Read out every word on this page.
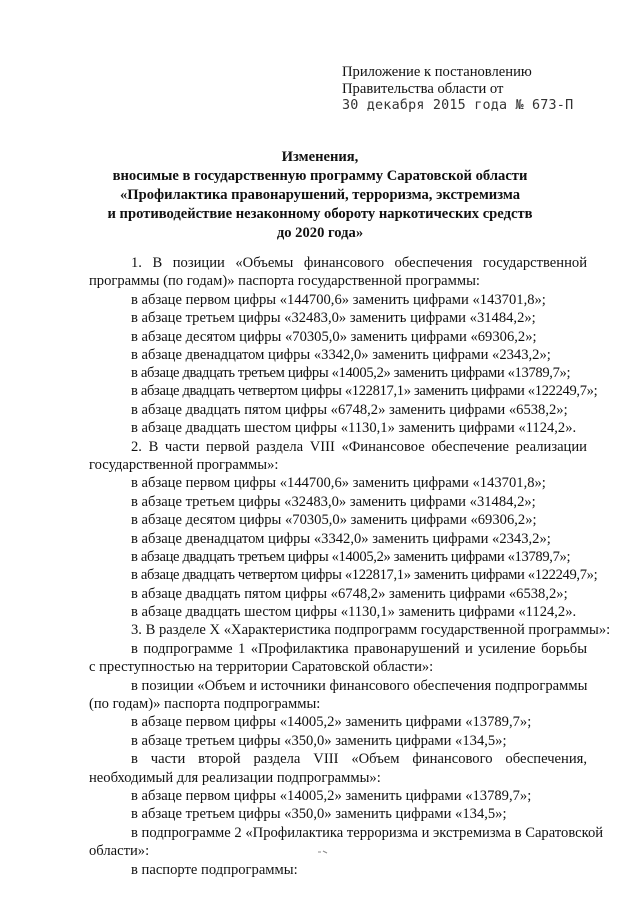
Приложение к постановлению
Правительства области от
30 декабря 2015 года № 673-П
Изменения,
вносимые в государственную программу Саратовской области
«Профилактика правонарушений, терроризма, экстремизма
и противодействие незаконному обороту наркотических средств
до 2020 года»
1. В позиции «Объемы финансового обеспечения государственной
программы (по годам)» паспорта государственной программы:
в абзаце первом цифры «144700,6» заменить цифрами «143701,8»;
в абзаце третьем цифры «32483,0» заменить цифрами «31484,2»;
в абзаце десятом цифры «70305,0» заменить цифрами «69306,2»;
в абзаце двенадцатом цифры «3342,0» заменить цифрами «2343,2»;
в абзаце двадцать третьем цифры «14005,2» заменить цифрами «13789,7»;
в абзаце двадцать четвертом цифры «122817,1» заменить цифрами «122249,7»;
в абзаце двадцать пятом цифры «6748,2» заменить цифрами «6538,2»;
в абзаце двадцать шестом цифры «1130,1» заменить цифрами «1124,2».
2. В части первой раздела VIII «Финансовое обеспечение реализации
государственной программы»:
в абзаце первом цифры «144700,6» заменить цифрами «143701,8»;
в абзаце третьем цифры «32483,0» заменить цифрами «31484,2»;
в абзаце десятом цифры «70305,0» заменить цифрами «69306,2»;
в абзаце двенадцатом цифры «3342,0» заменить цифрами «2343,2»;
в абзаце двадцать третьем цифры «14005,2» заменить цифрами «13789,7»;
в абзаце двадцать четвертом цифры «122817,1» заменить цифрами «122249,7»;
в абзаце двадцать пятом цифры «6748,2» заменить цифрами «6538,2»;
в абзаце двадцать шестом цифры «1130,1» заменить цифрами «1124,2».
3. В разделе X «Характеристика подпрограмм государственной программы»:
в подпрограмме 1 «Профилактика правонарушений и усиление борьбы
с преступностью на территории Саратовской области»:
в позиции «Объем и источники финансового обеспечения подпрограммы
(по годам)» паспорта подпрограммы:
в абзаце первом цифры «14005,2» заменить цифрами «13789,7»;
в абзаце третьем цифры «350,0» заменить цифрами «134,5»;
в части второй раздела VIII «Объем финансового обеспечения,
необходимый для реализации подпрограммы»:
в абзаце первом цифры «14005,2» заменить цифрами «13789,7»;
в абзаце третьем цифры «350,0» заменить цифрами «134,5»;
в подпрограмме 2 «Профилактика терроризма и экстремизма в Саратовской
области»:
в паспорте подпрограммы:
